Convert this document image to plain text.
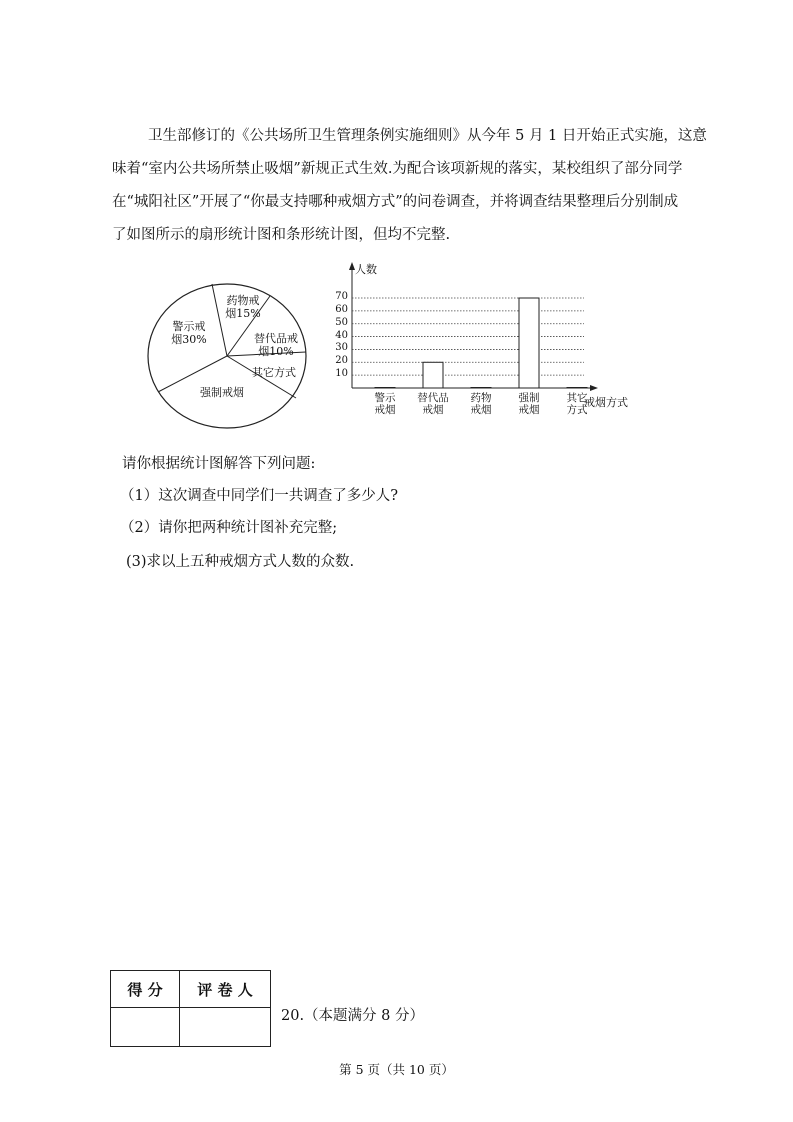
卫生部修订的《公共场所卫生管理条例实施细则》从今年 5 月 1 日开始正式实施，这意

味着“室内公共场所禁止吸烟”新规正式生效.为配合该项新规的落实，某校组织了部分同学

在“城阳社区”开展了“你最支持哪种戒烟方式”的问卷调查，并将调查结果整理后分别制成

了如图所示的扇形统计图和条形统计图，但均不完整.

药物戒
烟15%
替代品戒
烟10%
其它方式
强制戒烟
警示戒
烟30%
人数
戒烟方式
10
20
30
40
50
60
70
警示
戒烟
替代品
戒烟
药物
戒烟
强制
戒烟
其它
方式
请你根据统计图解答下列问题:
（1）这次调查中同学们一共调查了多少人?
（2）请你把两种统计图补充完整;
(3)求以上五种戒烟方式人数的众数.
得 分	评 卷 人

20.（本题满分 8 分）
第 5 页（共 10 页）
